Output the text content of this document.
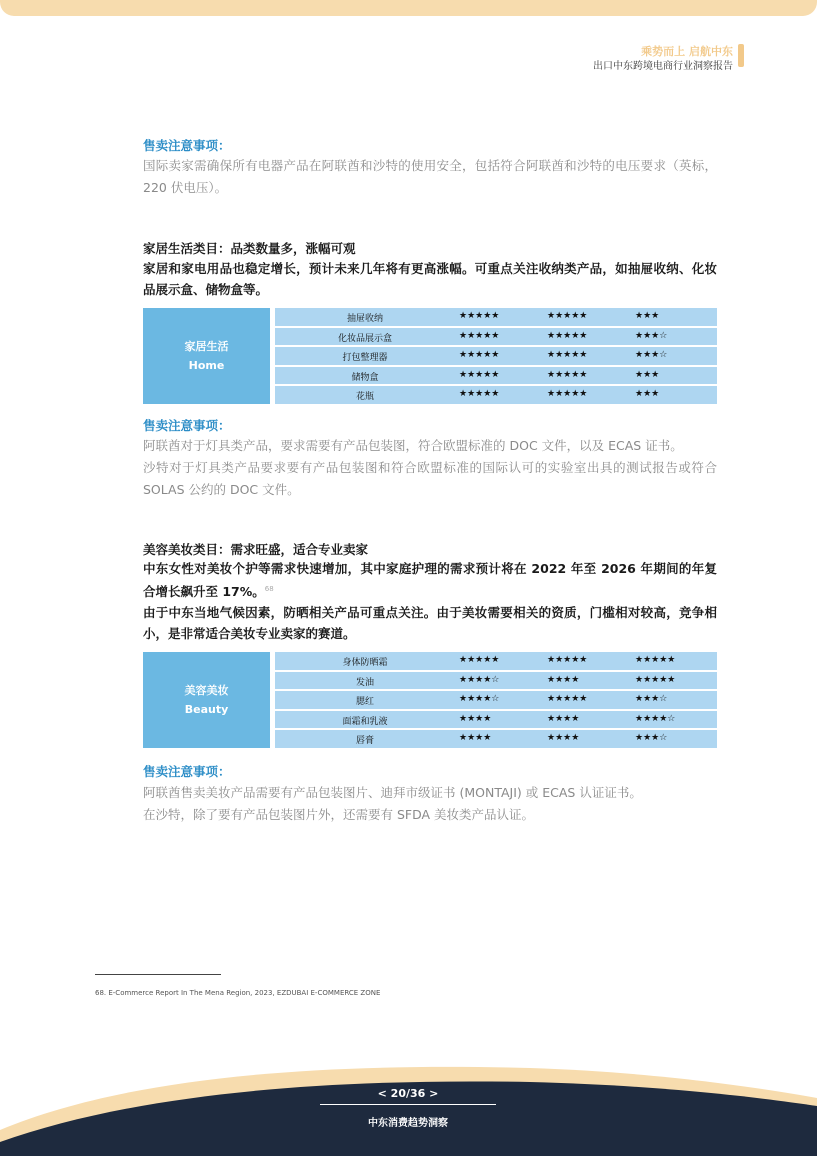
乘势而上 启航中东
出口中东跨境电商行业洞察报告
售卖注意事项：
国际卖家需确保所有电器产品在阿联酋和沙特的使用安全，包括符合阿联酋和沙特的电压要求（英标，220 伏电压）。
家居生活类目：品类数量多，涨幅可观
家居和家电用品也稳定增长，预计未来几年将有更高涨幅。可重点关注收纳类产品，如抽屉收纳、化妆品展示盒、储物盒等。
家居生活
Home
抽屉收纳	★★★★★	★★★★★	★★★
化妆品展示盒	★★★★★	★★★★★	★★★☆
打包整理器	★★★★★	★★★★★	★★★☆
储物盒	★★★★★	★★★★★	★★★
花瓶	★★★★★	★★★★★	★★★
售卖注意事项：
阿联酋对于灯具类产品，要求需要有产品包装图，符合欧盟标准的 DOC 文件，以及 ECAS 证书。
沙特对于灯具类产品要求要有产品包装图和符合欧盟标准的国际认可的实验室出具的测试报告或符合 SOLAS 公约的 DOC 文件。
美容美妆类目：需求旺盛，适合专业卖家
中东女性对美妆个护等需求快速增加，其中家庭护理的需求预计将在 2022 年至 2026 年期间的年复合增长飙升至 17%。$^{68}$
由于中东当地气候因素，防晒相关产品可重点关注。由于美妆需要相关的资质，门槛相对较高，竞争相小，是非常适合美妆专业卖家的赛道。
美容美妆
Beauty
身体防晒霜	★★★★★	★★★★★	★★★★★
发油	★★★★☆	★★★★	★★★★★
腮红	★★★★☆	★★★★★	★★★☆
面霜和乳液	★★★★	★★★★	★★★★☆
唇膏	★★★★	★★★★	★★★☆
售卖注意事项：
阿联酋售卖美妆产品需要有产品包装图片、迪拜市级证书 (MONTAJI) 或 ECAS 认证证书。
在沙特，除了要有产品包装图片外，还需要有 SFDA 美妆类产品认证。
68. E-Commerce Report In The Mena Region, 2023, EZDUBAI E-COMMERCE ZONE
< 20/36 >
中东消费趋势洞察
